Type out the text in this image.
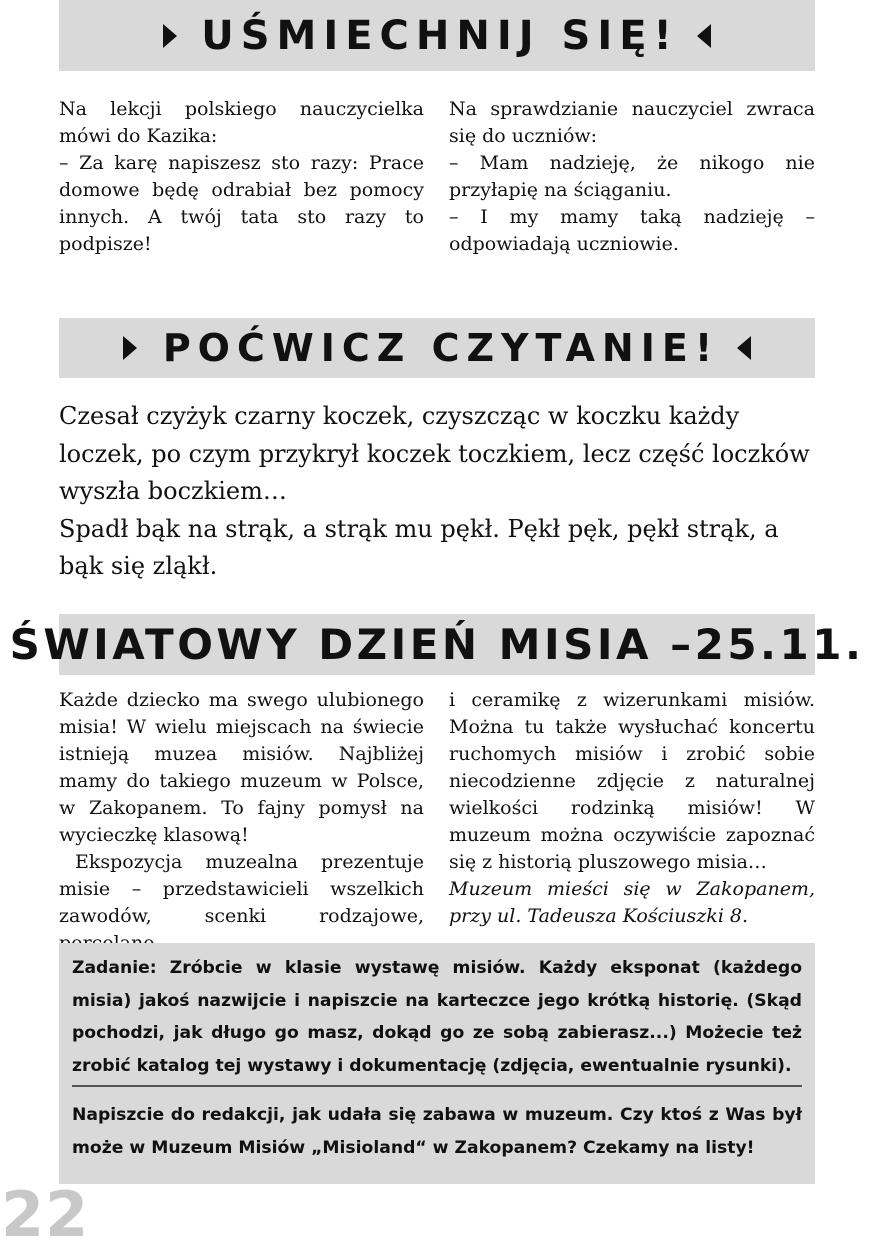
UŚMIECHNIJ SIĘ!

Na lekcji polskiego nauczycielka mówi do Kazika:

– Za karę napiszesz sto razy: Prace domowe będę odrabiał bez pomocy innych. A twój tata sto razy to podpisze!

Na sprawdzianie nauczyciel zwraca się do uczniów:

– Mam nadzieję, że nikogo nie przyłapię na ściąganiu.

– I my mamy taką nadzieję – odpowiadają uczniowie.

POĆWICZ CZYTANIE!

Czesał czyżyk czarny koczek, czyszcząc w koczku każdy loczek, po czym przykrył koczek toczkiem, lecz część loczków wyszła boczkiem…

Spadł bąk na strąk, a strąk mu pękł. Pękł pęk, pękł strąk, a bąk się zląkł.

ŚWIATOWY DZIEŃ MISIA –25.11.

Każde dziecko ma swego ulubionego misia! W wielu miejscach na świecie istnieją muzea misiów. Najbliżej mamy do takiego muzeum w Polsce, w Zakopanem. To fajny pomysł na wycieczkę klasową!

Ekspozycja muzealna prezentuje misie – przedstawicieli wszelkich zawodów, scenki rodzajowe,

i ceramikę z wizerunkami misiów. Można tu także wysłuchać koncertu ruchomych misiów i zrobić sobie niecodzienne zdjęcie z naturalnej wielkości rodzinką misiów! W muzeum można oczywiście zapoznać się z historią pluszowego misia…

Muzeum mieści się w Zakopanem, przy ul. Tadeusza Kościuszki 8.

Zadanie: Zróbcie w klasie wystawę misiów. Każdy eksponat (każdego misia) jakoś nazwijcie i napiszcie na karteczce jego krótką historię. (Skąd pochodzi, jak długo go masz, dokąd go ze sobą zabierasz...) Możecie też zrobić katalog tej wystawy i dokumentację (zdjęcia, ewentualnie rysunki).

Napiszcie do redakcji, jak udała się zabawa w muzeum. Czy ktoś z Was był może w Muzeum Misiów „Misioland“ w Zakopanem? Czekamy na listy!

22
